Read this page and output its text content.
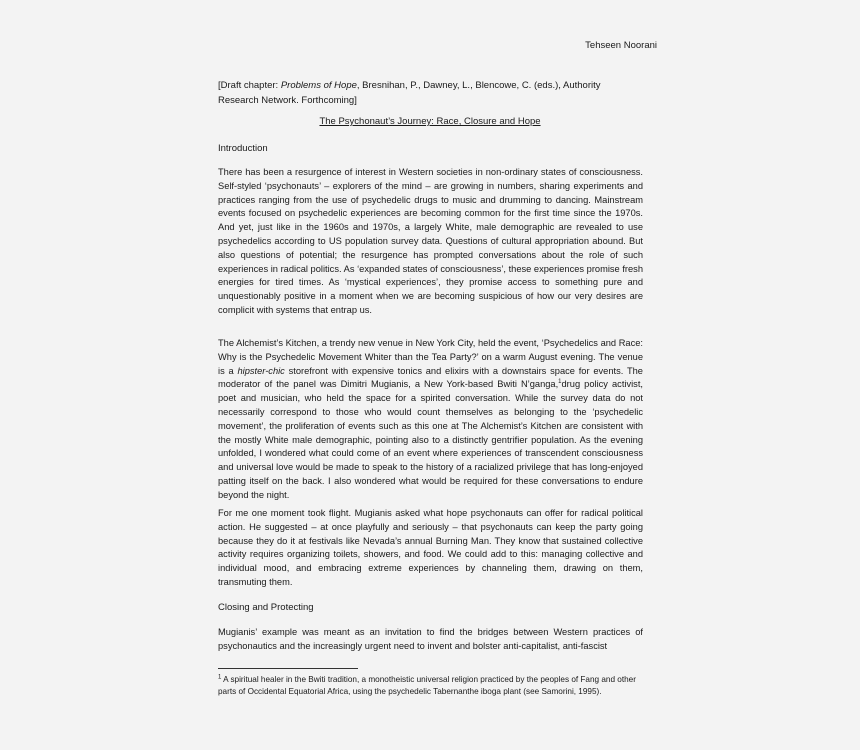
Tehseen Noorani
[Draft chapter: Problems of Hope, Bresnihan, P., Dawney, L., Blencowe, C. (eds.), Authority Research Network. Forthcoming]
The Psychonaut’s Journey: Race, Closure and Hope
Introduction
There has been a resurgence of interest in Western societies in non-ordinary states of consciousness. Self-styled ‘psychonauts’ – explorers of the mind – are growing in numbers, sharing experiments and practices ranging from the use of psychedelic drugs to music and drumming to dancing. Mainstream events focused on psychedelic experiences are becoming common for the first time since the 1970s. And yet, just like in the 1960s and 1970s, a largely White, male demographic are revealed to use psychedelics according to US population survey data. Questions of cultural appropriation abound. But also questions of potential; the resurgence has prompted conversations about the role of such experiences in radical politics. As ‘expanded states of consciousness’, these experiences promise fresh energies for tired times. As ‘mystical experiences’, they promise access to something pure and unquestionably positive in a moment when we are becoming suspicious of how our very desires are complicit with systems that entrap us.
The Alchemist’s Kitchen, a trendy new venue in New York City, held the event, ‘Psychedelics and Race: Why is the Psychedelic Movement Whiter than the Tea Party?’ on a warm August evening. The venue is a hipster-chic storefront with expensive tonics and elixirs with a downstairs space for events. The moderator of the panel was Dimitri Mugianis, a New York-based Bwiti N’ganga,$^1$drug policy activist, poet and musician, who held the space for a spirited conversation. While the survey data do not necessarily correspond to those who would count themselves as belonging to the ‘psychedelic movement’, the proliferation of events such as this one at The Alchemist’s Kitchen are consistent with the mostly White male demographic, pointing also to a distinctly gentrifier population. As the evening unfolded, I wondered what could come of an event where experiences of transcendent consciousness and universal love would be made to speak to the history of a racialized privilege that has long-enjoyed patting itself on the back. I also wondered what would be required for these conversations to endure beyond the night.
For me one moment took flight. Mugianis asked what hope psychonauts can offer for radical political action. He suggested – at once playfully and seriously – that psychonauts can keep the party going because they do it at festivals like Nevada’s annual Burning Man. They know that sustained collective activity requires organizing toilets, showers, and food. We could add to this: managing collective and individual mood, and embracing extreme experiences by channeling them, drawing on them, transmuting them.
Closing and Protecting
Mugianis’ example was meant as an invitation to find the bridges between Western practices of psychonautics and the increasingly urgent need to invent and bolster anti-capitalist, anti-fascist
$^1$ A spiritual healer in the Bwiti tradition, a monotheistic universal religion practiced by the peoples of Fang and other parts of Occidental Equatorial Africa, using the psychedelic Tabernanthe iboga plant (see Samorini, 1995).
